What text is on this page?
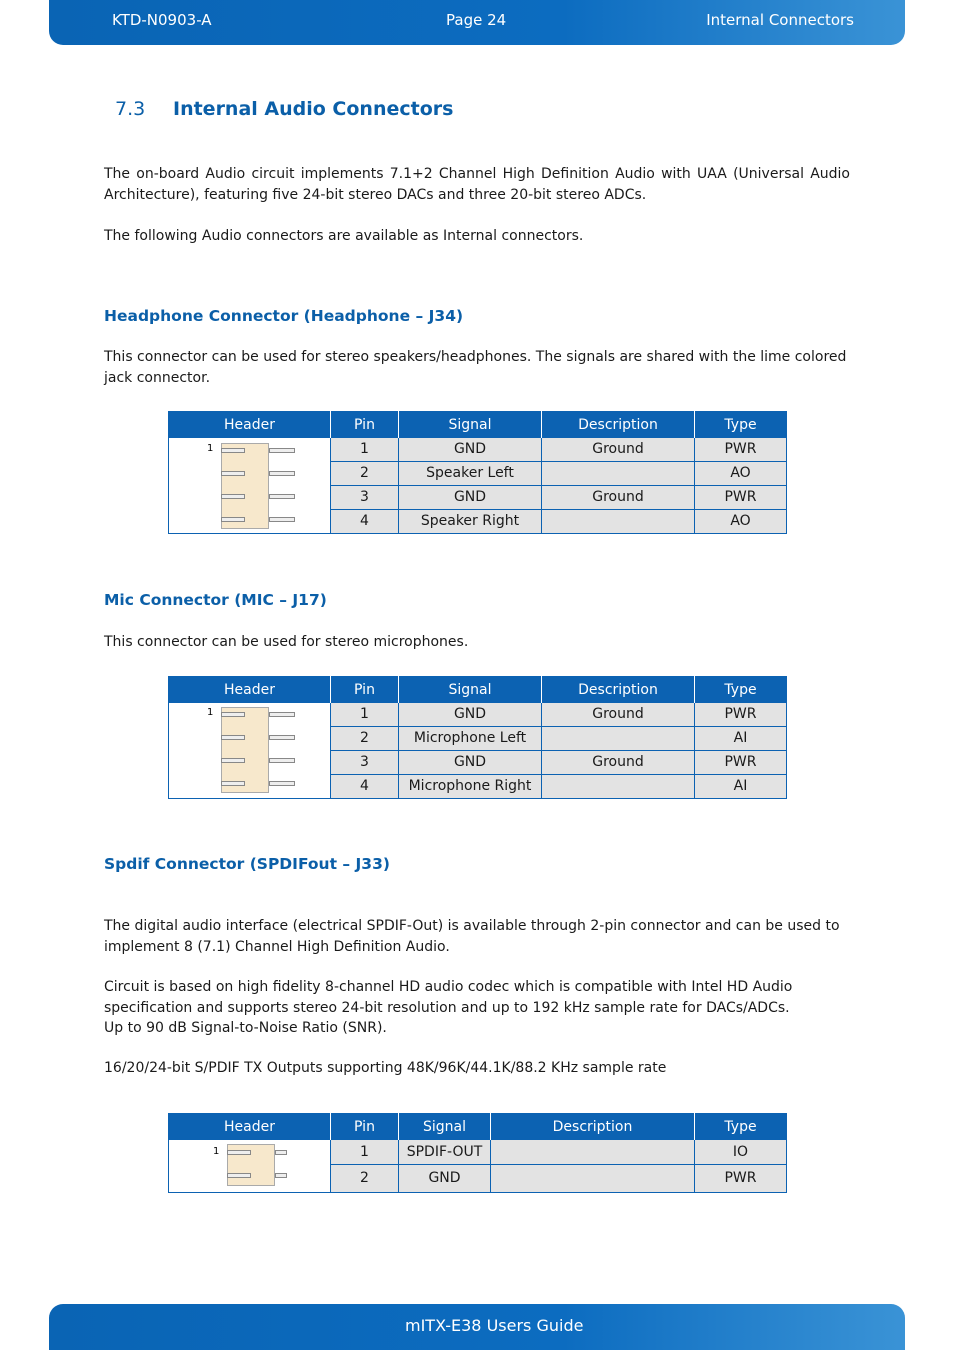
KTD-N0903-A	Page 24	Internal Connectors
7.3 Internal Audio Connectors
The on-board Audio circuit implements 7.1+2 Channel High Definition Audio with UAA (Universal Audio Architecture), featuring five 24-bit stereo DACs and three 20-bit stereo ADCs.
The following Audio connectors are available as Internal connectors.
Headphone Connector (Headphone – J34)
This connector can be used for stereo speakers/headphones. The signals are shared with the lime colored jack connector.
Header	Pin	Signal	Description	Type

1	1	GND	Ground	PWR
	2	Speaker Left		AO
	3	GND	Ground	PWR
	4	Speaker Right		AO
Mic Connector (MIC – J17)
This connector can be used for stereo microphones.
Header	Pin	Signal	Description	Type

1	1	GND	Ground	PWR
	2	Microphone Left		AI
	3	GND	Ground	PWR
	4	Microphone Right		AI
Spdif Connector (SPDIFout – J33)
The digital audio interface (electrical SPDIF-Out) is available through 2-pin connector and can be used to implement 8 (7.1) Channel High Definition Audio.
Circuit is based on high fidelity 8-channel HD audio codec which is compatible with Intel HD Audio specification and supports stereo 24-bit resolution and up to 192 kHz sample rate for DACs/ADCs.
Up to 90 dB Signal-to-Noise Ratio (SNR).
16/20/24-bit S/PDIF TX Outputs supporting 48K/96K/44.1K/88.2 KHz sample rate
Header	Pin	Signal	Description	Type

1	1	SPDIF-OUT		IO
	2	GND		PWR
mITX-E38 Users Guide
